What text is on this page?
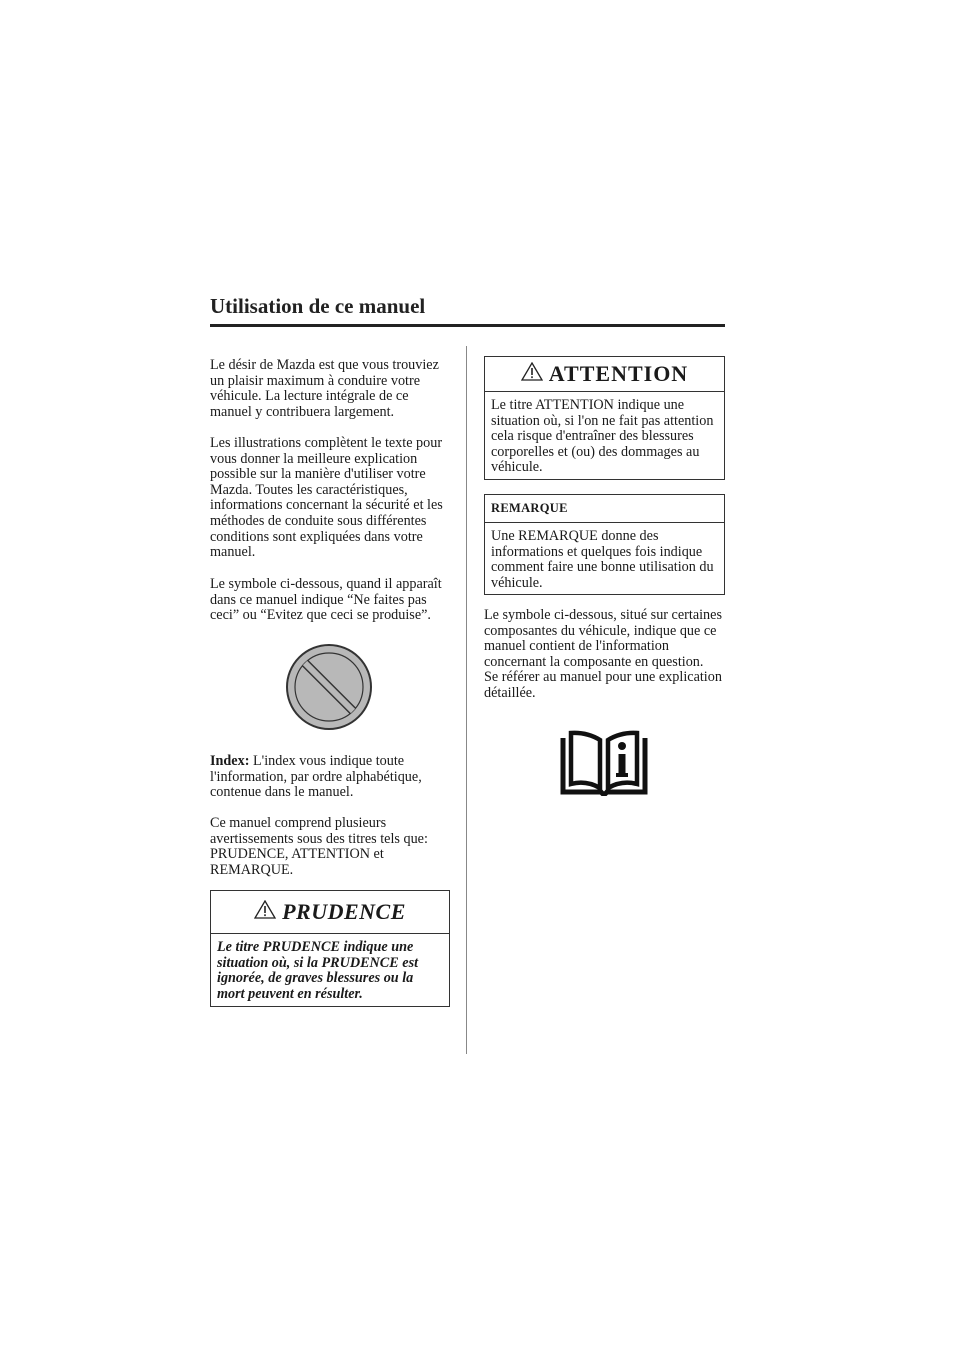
Utilisation de ce manuel

Le désir de Mazda est que vous trouviez
un plaisir maximum à conduire votre
véhicule. La lecture intégrale de ce
manuel y contribuera largement.

Les illustrations complètent le texte pour
vous donner la meilleure explication
possible sur la manière d'utiliser votre
Mazda. Toutes les caractéristiques,
informations concernant la sécurité et les
méthodes de conduite sous différentes
conditions sont expliquées dans votre
manuel.

Le symbole ci-dessous, quand il apparaît
dans ce manuel indique “Ne faites pas
ceci” ou “Evitez que ceci se produise”.

Index: L'index vous indique toute
l'information, par ordre alphabétique,
contenue dans le manuel.

Ce manuel comprend plusieurs
avertissements sous des titres tels que:
PRUDENCE, ATTENTION et
REMARQUE.

PRUDENCE
Le titre PRUDENCE indique une
situation où, si la PRUDENCE est
ignorée, de graves blessures ou la
mort peuvent en résulter.
ATTENTION
Le titre ATTENTION indique une
situation où, si l'on ne fait pas attention
cela risque d'entraîner des blessures
corporelles et (ou) des dommages au
véhicule.
REMARQUE
Une REMARQUE donne des
informations et quelques fois indique
comment faire une bonne utilisation du
véhicule.

Le symbole ci-dessous, situé sur certaines
composantes du véhicule, indique que ce
manuel contient de l'information
concernant la composante en question.
Se référer au manuel pour une explication
détaillée.
